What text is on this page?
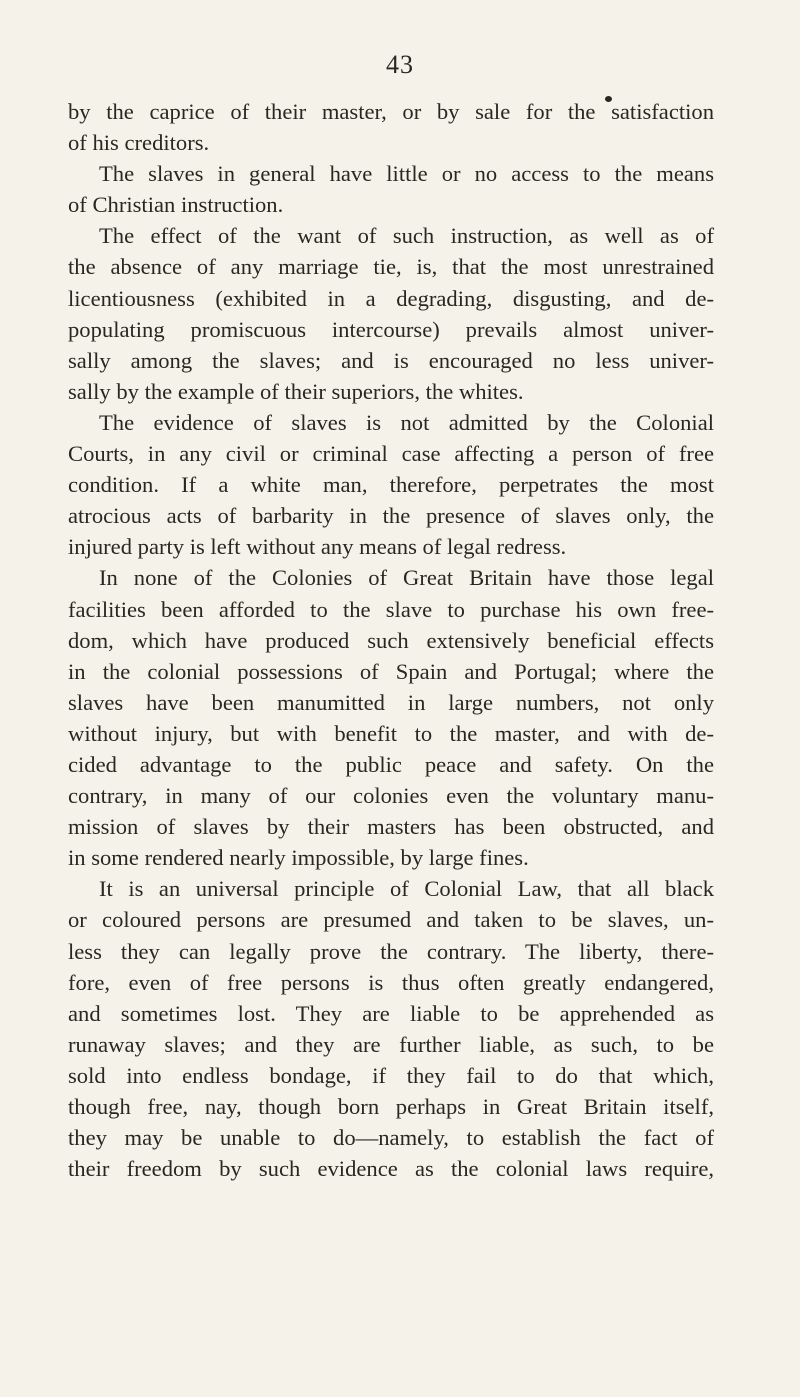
43
by the caprice of their master, or by sale for the satisfaction
of his creditors.
The slaves in general have little or no access to the means
of Christian instruction.
The effect of the want of such instruction, as well as of
the absence of any marriage tie, is, that the most unrestrained
licentiousness (exhibited in a degrading, disgusting, and de-
populating promiscuous intercourse) prevails almost univer-
sally among the slaves; and is encouraged no less univer-
sally by the example of their superiors, the whites.
The evidence of slaves is not admitted by the Colonial
Courts, in any civil or criminal case affecting a person of free
condition. If a white man, therefore, perpetrates the most
atrocious acts of barbarity in the presence of slaves only, the
injured party is left without any means of legal redress.
In none of the Colonies of Great Britain have those legal
facilities been afforded to the slave to purchase his own free-
dom, which have produced such extensively beneficial effects
in the colonial possessions of Spain and Portugal; where the
slaves have been manumitted in large numbers, not only
without injury, but with benefit to the master, and with de-
cided advantage to the public peace and safety. On the
contrary, in many of our colonies even the voluntary manu-
mission of slaves by their masters has been obstructed, and
in some rendered nearly impossible, by large fines.
It is an universal principle of Colonial Law, that all black
or coloured persons are presumed and taken to be slaves, un-
less they can legally prove the contrary. The liberty, there-
fore, even of free persons is thus often greatly endangered,
and sometimes lost. They are liable to be apprehended as
runaway slaves; and they are further liable, as such, to be
sold into endless bondage, if they fail to do that which,
though free, nay, though born perhaps in Great Britain itself,
they may be unable to do—namely, to establish the fact of
their freedom by such evidence as the colonial laws require,
